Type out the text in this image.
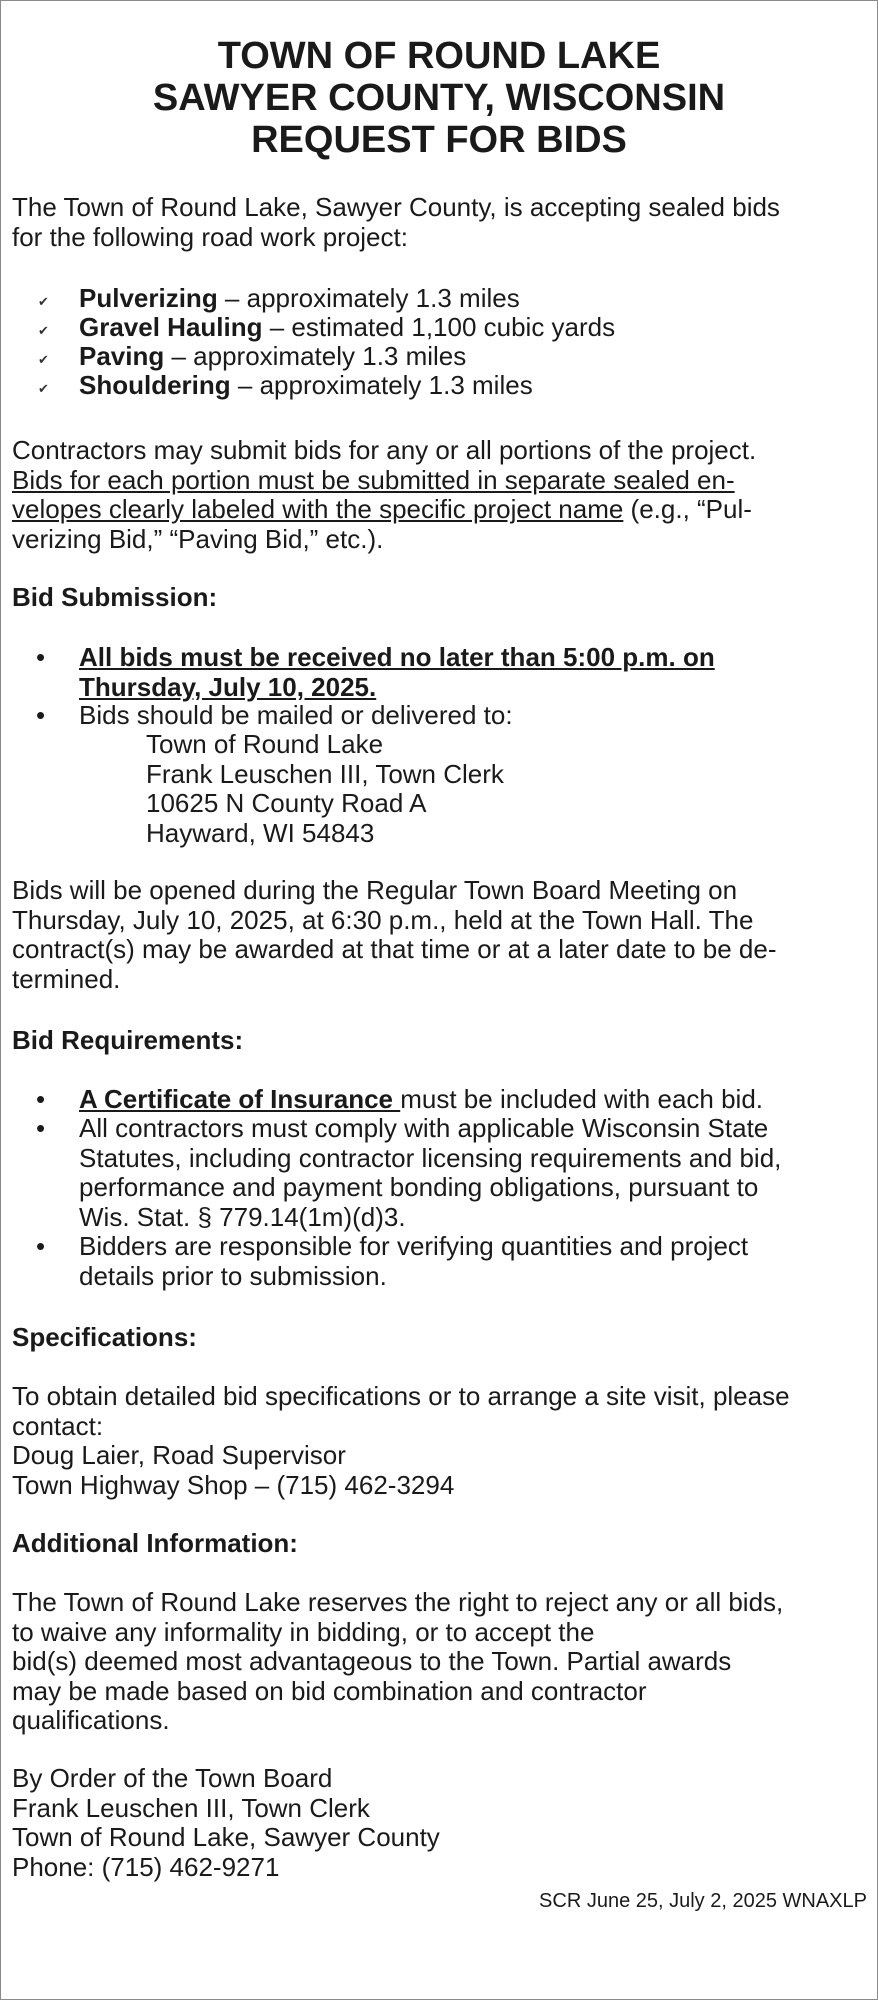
TOWN OF ROUND LAKE
SAWYER COUNTY, WISCONSIN
REQUEST FOR BIDS

The Town of Round Lake, Sawyer County, is accepting sealed bids

for the following road work project:

✔ Pulverizing – approximately 1.3 miles
✔ Gravel Hauling – estimated 1,100 cubic yards
✔ Paving – approximately 1.3 miles
✔ Shouldering – approximately 1.3 miles

Contractors may submit bids for any or all portions of the project.

Bids for each portion must be submitted in separate sealed en-

velopes clearly labeled with the specific project name (e.g., “Pul-

verizing Bid,” “Paving Bid,” etc.).

Bid Submission:
• All bids must be received no later than 5:00 p.m. on
Thursday, July 10, 2025.
• Bids should be mailed or delivered to:
Town of Round Lake
Frank Leuschen III, Town Clerk
10625 N County Road A
Hayward, WI 54843

Bids will be opened during the Regular Town Board Meeting on

Thursday, July 10, 2025, at 6:30 p.m., held at the Town Hall. The

contract(s) may be awarded at that time or at a later date to be de-

termined.

Bid Requirements:
• A Certificate of Insurance must be included with each bid.
• All contractors must comply with applicable Wisconsin State
Statutes, including contractor licensing requirements and bid,
performance and payment bonding obligations, pursuant to
Wis. Stat. § 779.14(1m)(d)3.
• Bidders are responsible for verifying quantities and project
details prior to submission.
Specifications:

To obtain detailed bid specifications or to arrange a site visit, please

contact:

Doug Laier, Road Supervisor

Town Highway Shop – (715) 462-3294

Additional Information:

The Town of Round Lake reserves the right to reject any or all bids,

to waive any informality in bidding, or to accept the

bid(s) deemed most advantageous to the Town. Partial awards

may be made based on bid combination and contractor

qualifications.

By Order of the Town Board

Frank Leuschen III, Town Clerk

Town of Round Lake, Sawyer County

Phone: (715) 462-9271

SCR June 25, July 2, 2025 WNAXLP
